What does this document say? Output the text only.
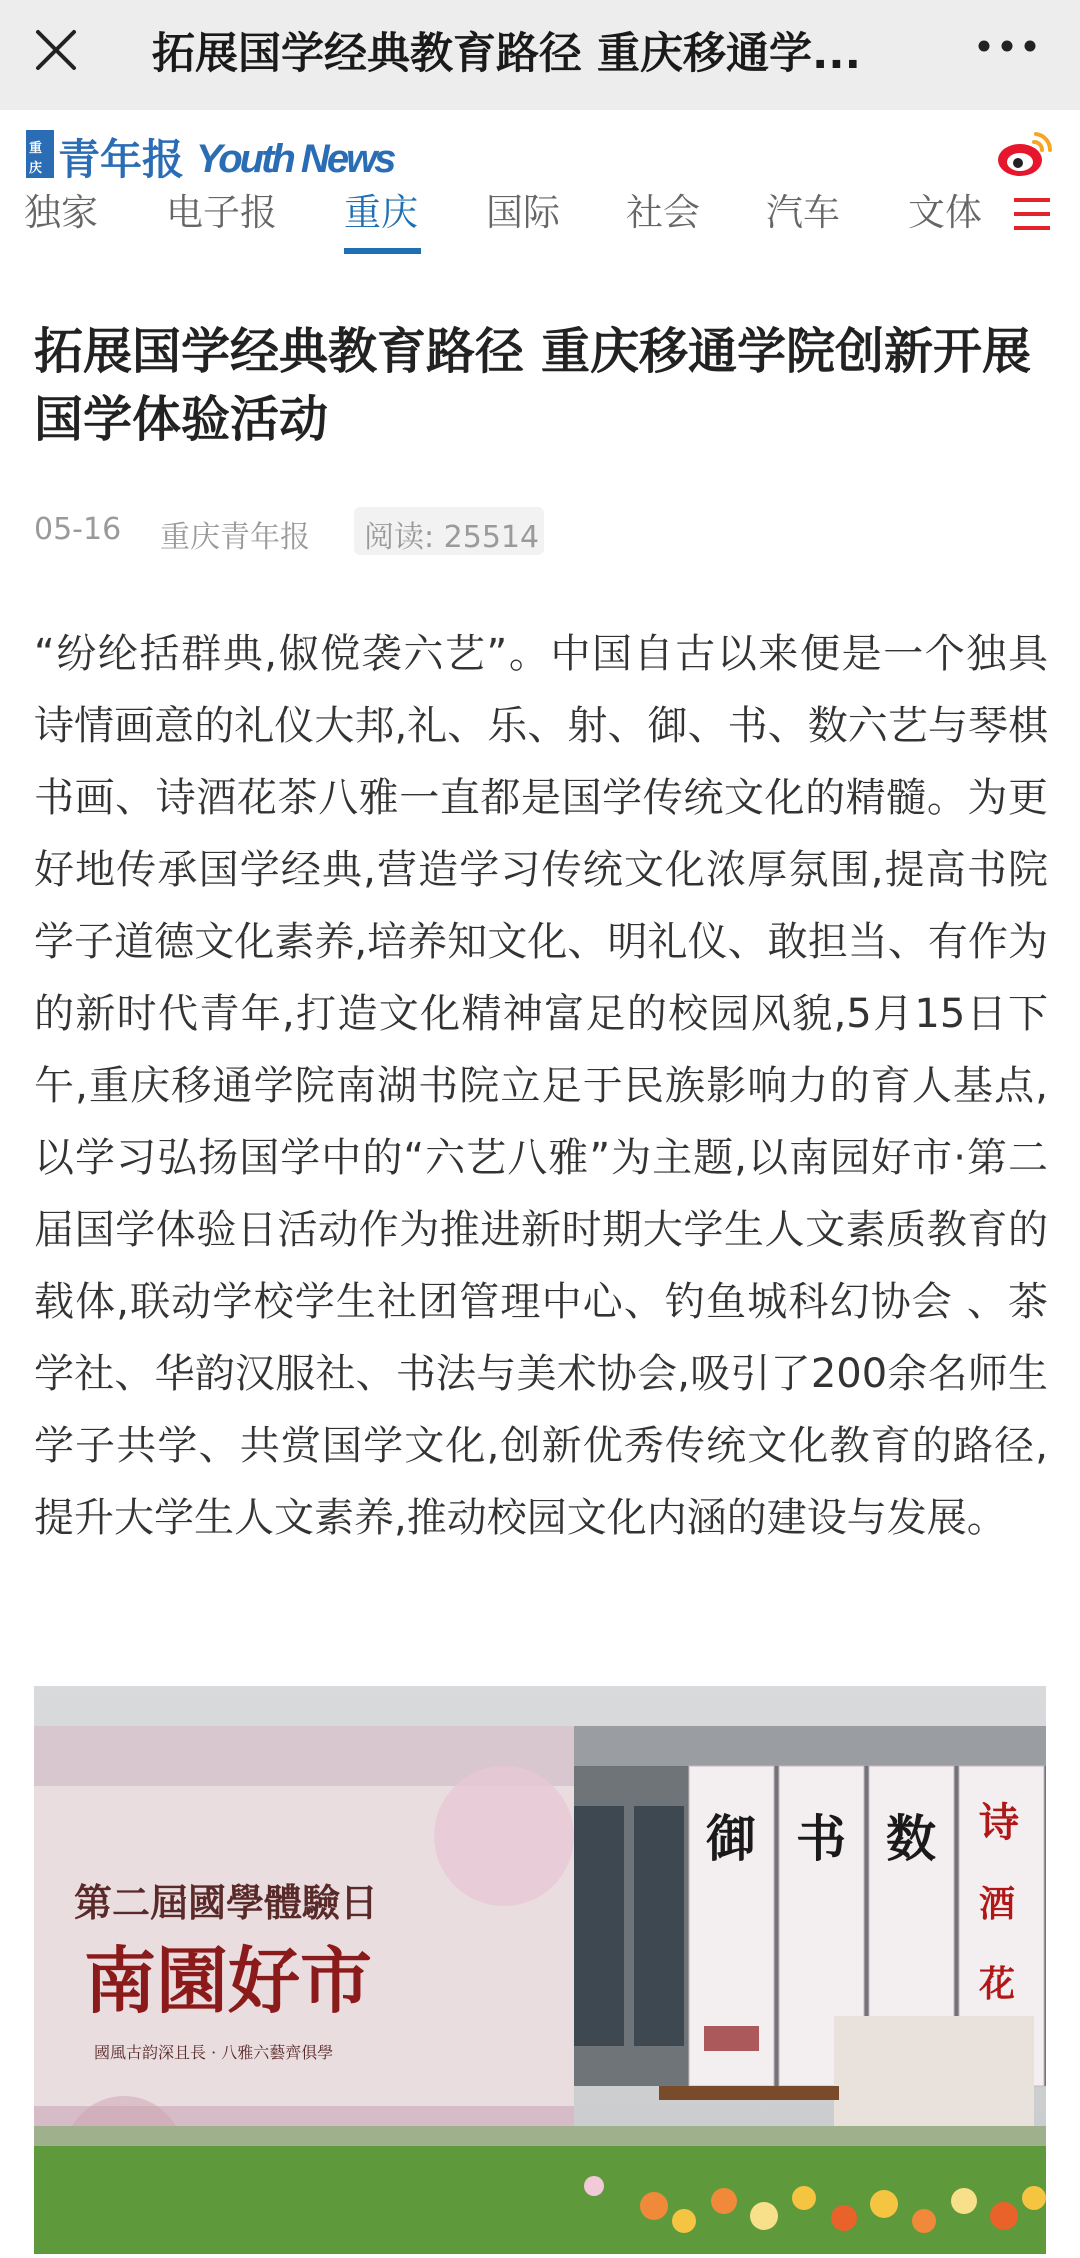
拓展国学经典教育路径 重庆移通学...
重
庆 青年报 Youth News
独家 电子报 重庆 国际 社会 汽车 文体
拓展国学经典教育路径 重庆移通学院创新开展国学体验活动
05-16 重庆青年报 阅读: 25514

“纷纶括群典,俶傥袭六艺”。中国自古以来便是一个独具诗情画意的礼仪大邦,礼、乐、射、御、书、数六艺与琴棋书画、诗酒花茶八雅一直都是国学传统文化的精髓。为更好地传承国学经典,营造学习传统文化浓厚氛围,提高书院学子道德文化素养,培养知文化、明礼仪、敢担当、有作为的新时代青年,打造文化精神富足的校园风貌,5月15日下午,重庆移通学院南湖书院立足于民族影响力的育人基点,以学习弘扬国学中的“六艺八雅”为主题,以南园好市·第二届国学体验日活动作为推进新时期大学生人文素质教育的载体,联动学校学生社团管理中心、钓鱼城科幻协会 、茶学社、华韵汉服社、书法与美术协会,吸引了200余名师生学子共学、共赏国学文化,创新优秀传统文化教育的路径,提升大学生人文素养,推动校园文化内涵的建设与发展。

第二屆國學體驗日
南園好市
國風古韵深且長 · 八雅六藝齊俱學
御 书 数 诗
酒
花
